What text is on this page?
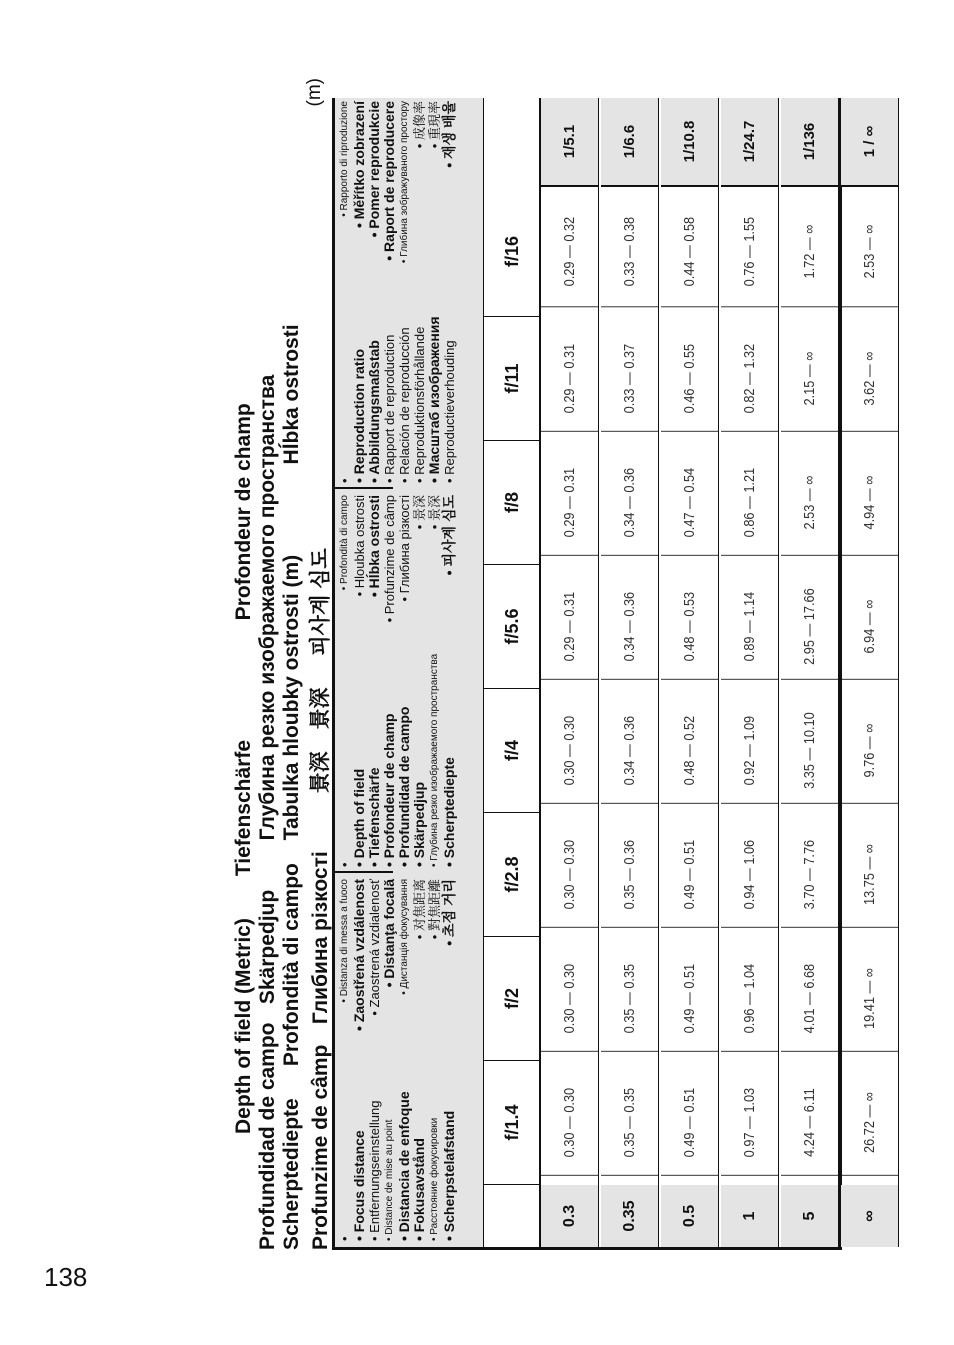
138
Depth of field (Metric) Tiefenschärfe Profondeur de champ
Profundidad de campo Skärpedjup Глубина резко изображаемого пространства
Scherptediepte Profondità di campo Tabulka hloubky ostrosti (m) Hĺbka ostrosti
Profunzime de câmp Глибина різкості 景深 景深 피사계 심도
(m)
• • Focus distance
• Entfernungseinstellung
• Distance de mise au point
• Distancia de enfoque
• Fokusavstånd
• Расстояние фокусировки
• Scherpstelafstand
• Distanza di messa a fuoco
• Zaostřená vzdálenost • Zaostrená vzdialenosť • Distanţa focală
• Дистанція фокусування • 对焦距离
• 對焦距離
• 초점 거리
• • Depth of field
• Tiefenschärfe
• Profondeur de champ
• Profundidad de campo
• Skärpedjup
• Глубина резко изображаемого пространства
• Scherptediepte
• Profondità di campo
• Hloubka ostrosti
• Hĺbka ostrosti
• Profunzime de câmp • Глибина різкості • 景深
• 景深
• 피사계 심도
• • Reproduction ratio
• Abbildungsmaßstab
• Rapport de reproduction
• Relación de reproducción
• Reproduktionsförhållande
• Масштаб изображения
• Reproductieverhouding
• Rapporto di riproduzione
• Měřítko zobrazení
• Pomer reprodukcie
• Raport de reproducere
• Глибина зображуваного простору • 成像率
• 重現率
• 재생 배율
f/1.4
f/2
f/2.8
f/4
f/5.6
f/8
f/11
f/16
0.3
0.30 — 0.30
0.30 — 0.30
0.30 — 0.30
0.30 — 0.30
0.29 — 0.31
0.29 — 0.31
0.29 — 0.31
0.29 — 0.32
1/5.1
0.35
0.35 — 0.35
0.35 — 0.35
0.35 — 0.36
0.34 — 0.36
0.34 — 0.36
0.34 — 0.36
0.33 — 0.37
0.33 — 0.38
1/6.6
0.5
0.49 — 0.51
0.49 — 0.51
0.49 — 0.51
0.48 — 0.52
0.48 — 0.53
0.47 — 0.54
0.46 — 0.55
0.44 — 0.58
1/10.8
1
0.97 — 1.03
0.96 — 1.04
0.94 — 1.06
0.92 — 1.09
0.89 — 1.14
0.86 — 1.21
0.82 — 1.32
0.76 — 1.55
1/24.7
5
4.24 — 6.11
4.01 — 6.68
3.70 — 7.76
3.35 — 10.10
2.95 — 17.66
2.53 — ∞
2.15 — ∞
1.72 — ∞
1/136
∞
26.72 — ∞
19.41 — ∞
13.75 — ∞
9.76 — ∞
6.94 — ∞
4.94 — ∞
3.62 — ∞
2.53 — ∞
1 / ∞
